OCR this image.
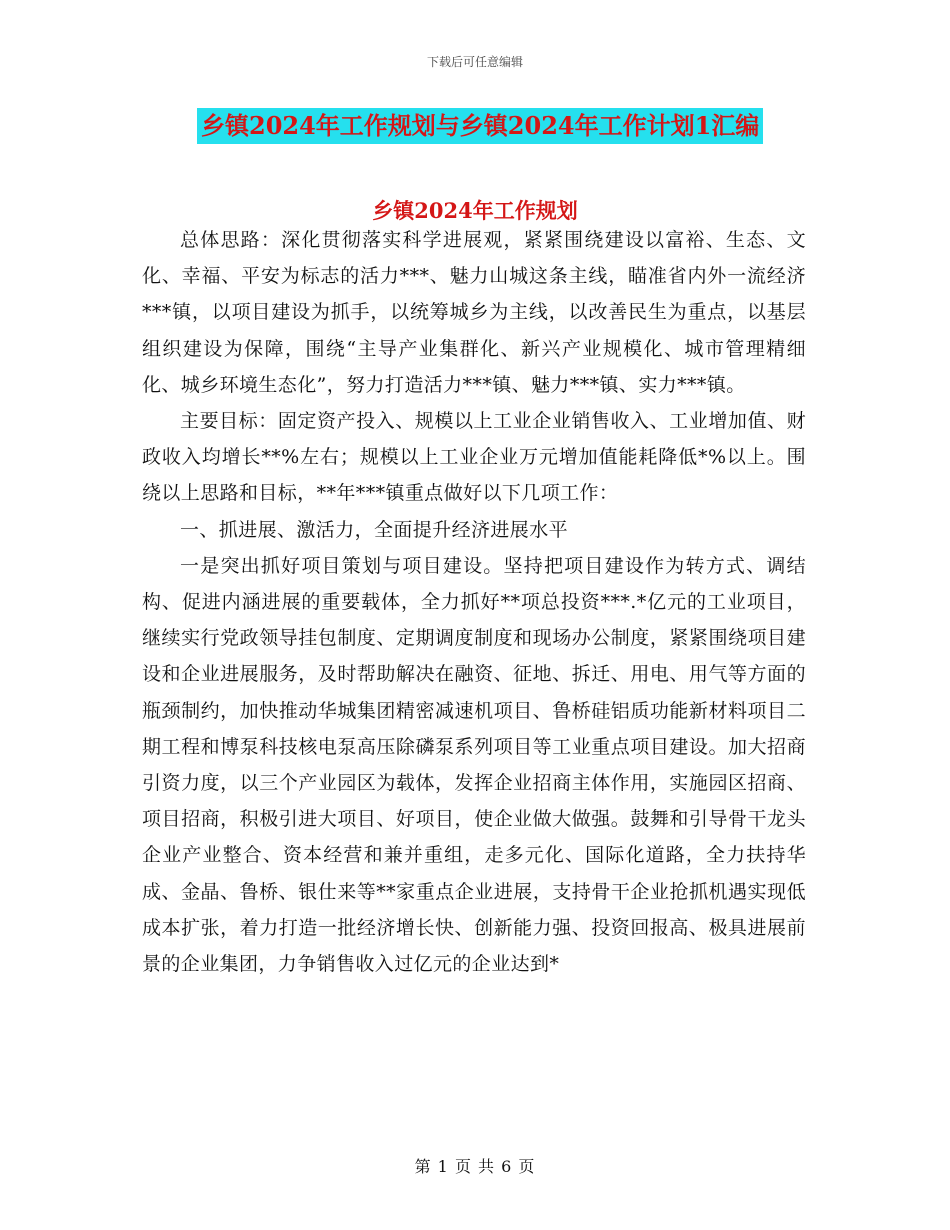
下载后可任意编辑
乡镇2024年工作规划与乡镇2024年工作计划1汇编
乡镇2024年工作规划

总体思路：深化贯彻落实科学进展观，紧紧围绕建设以富裕、生态、文化、幸福、平安为标志的活力***、魅力山城这条主线，瞄准省内外一流经济***镇，以项目建设为抓手，以统筹城乡为主线，以改善民生为重点，以基层组织建设为保障，围绕“主导产业集群化、新兴产业规模化、城市管理精细化、城乡环境生态化”，努力打造活力***镇、魅力***镇、实力***镇。

主要目标：固定资产投入、规模以上工业企业销售收入、工业增加值、财政收入均增长**%左右；规模以上工业企业万元增加值能耗降低*%以上。围绕以上思路和目标，**年***镇重点做好以下几项工作：

一、抓进展、激活力，全面提升经济进展水平

一是突出抓好项目策划与项目建设。坚持把项目建设作为转方式、调结构、促进内涵进展的重要载体，全力抓好**项总投资***.*亿元的工业项目，继续实行党政领导挂包制度、定期调度制度和现场办公制度，紧紧围绕项目建设和企业进展服务，及时帮助解决在融资、征地、拆迁、用电、用气等方面的瓶颈制约，加快推动华城集团精密减速机项目、鲁桥硅铝质功能新材料项目二期工程和博泵科技核电泵高压除磷泵系列项目等工业重点项目建设。加大招商引资力度，以三个产业园区为载体，发挥企业招商主体作用，实施园区招商、项目招商，积极引进大项目、好项目，使企业做大做强。鼓舞和引导骨干龙头企业产业整合、资本经营和兼并重组，走多元化、国际化道路，全力扶持华成、金晶、鲁桥、银仕来等**家重点企业进展，支持骨干企业抢抓机遇实现低成本扩张，着力打造一批经济增长快、创新能力强、投资回报高、极具进展前景的企业集团，力争销售收入过亿元的企业达到*

第 1 页 共 6 页
